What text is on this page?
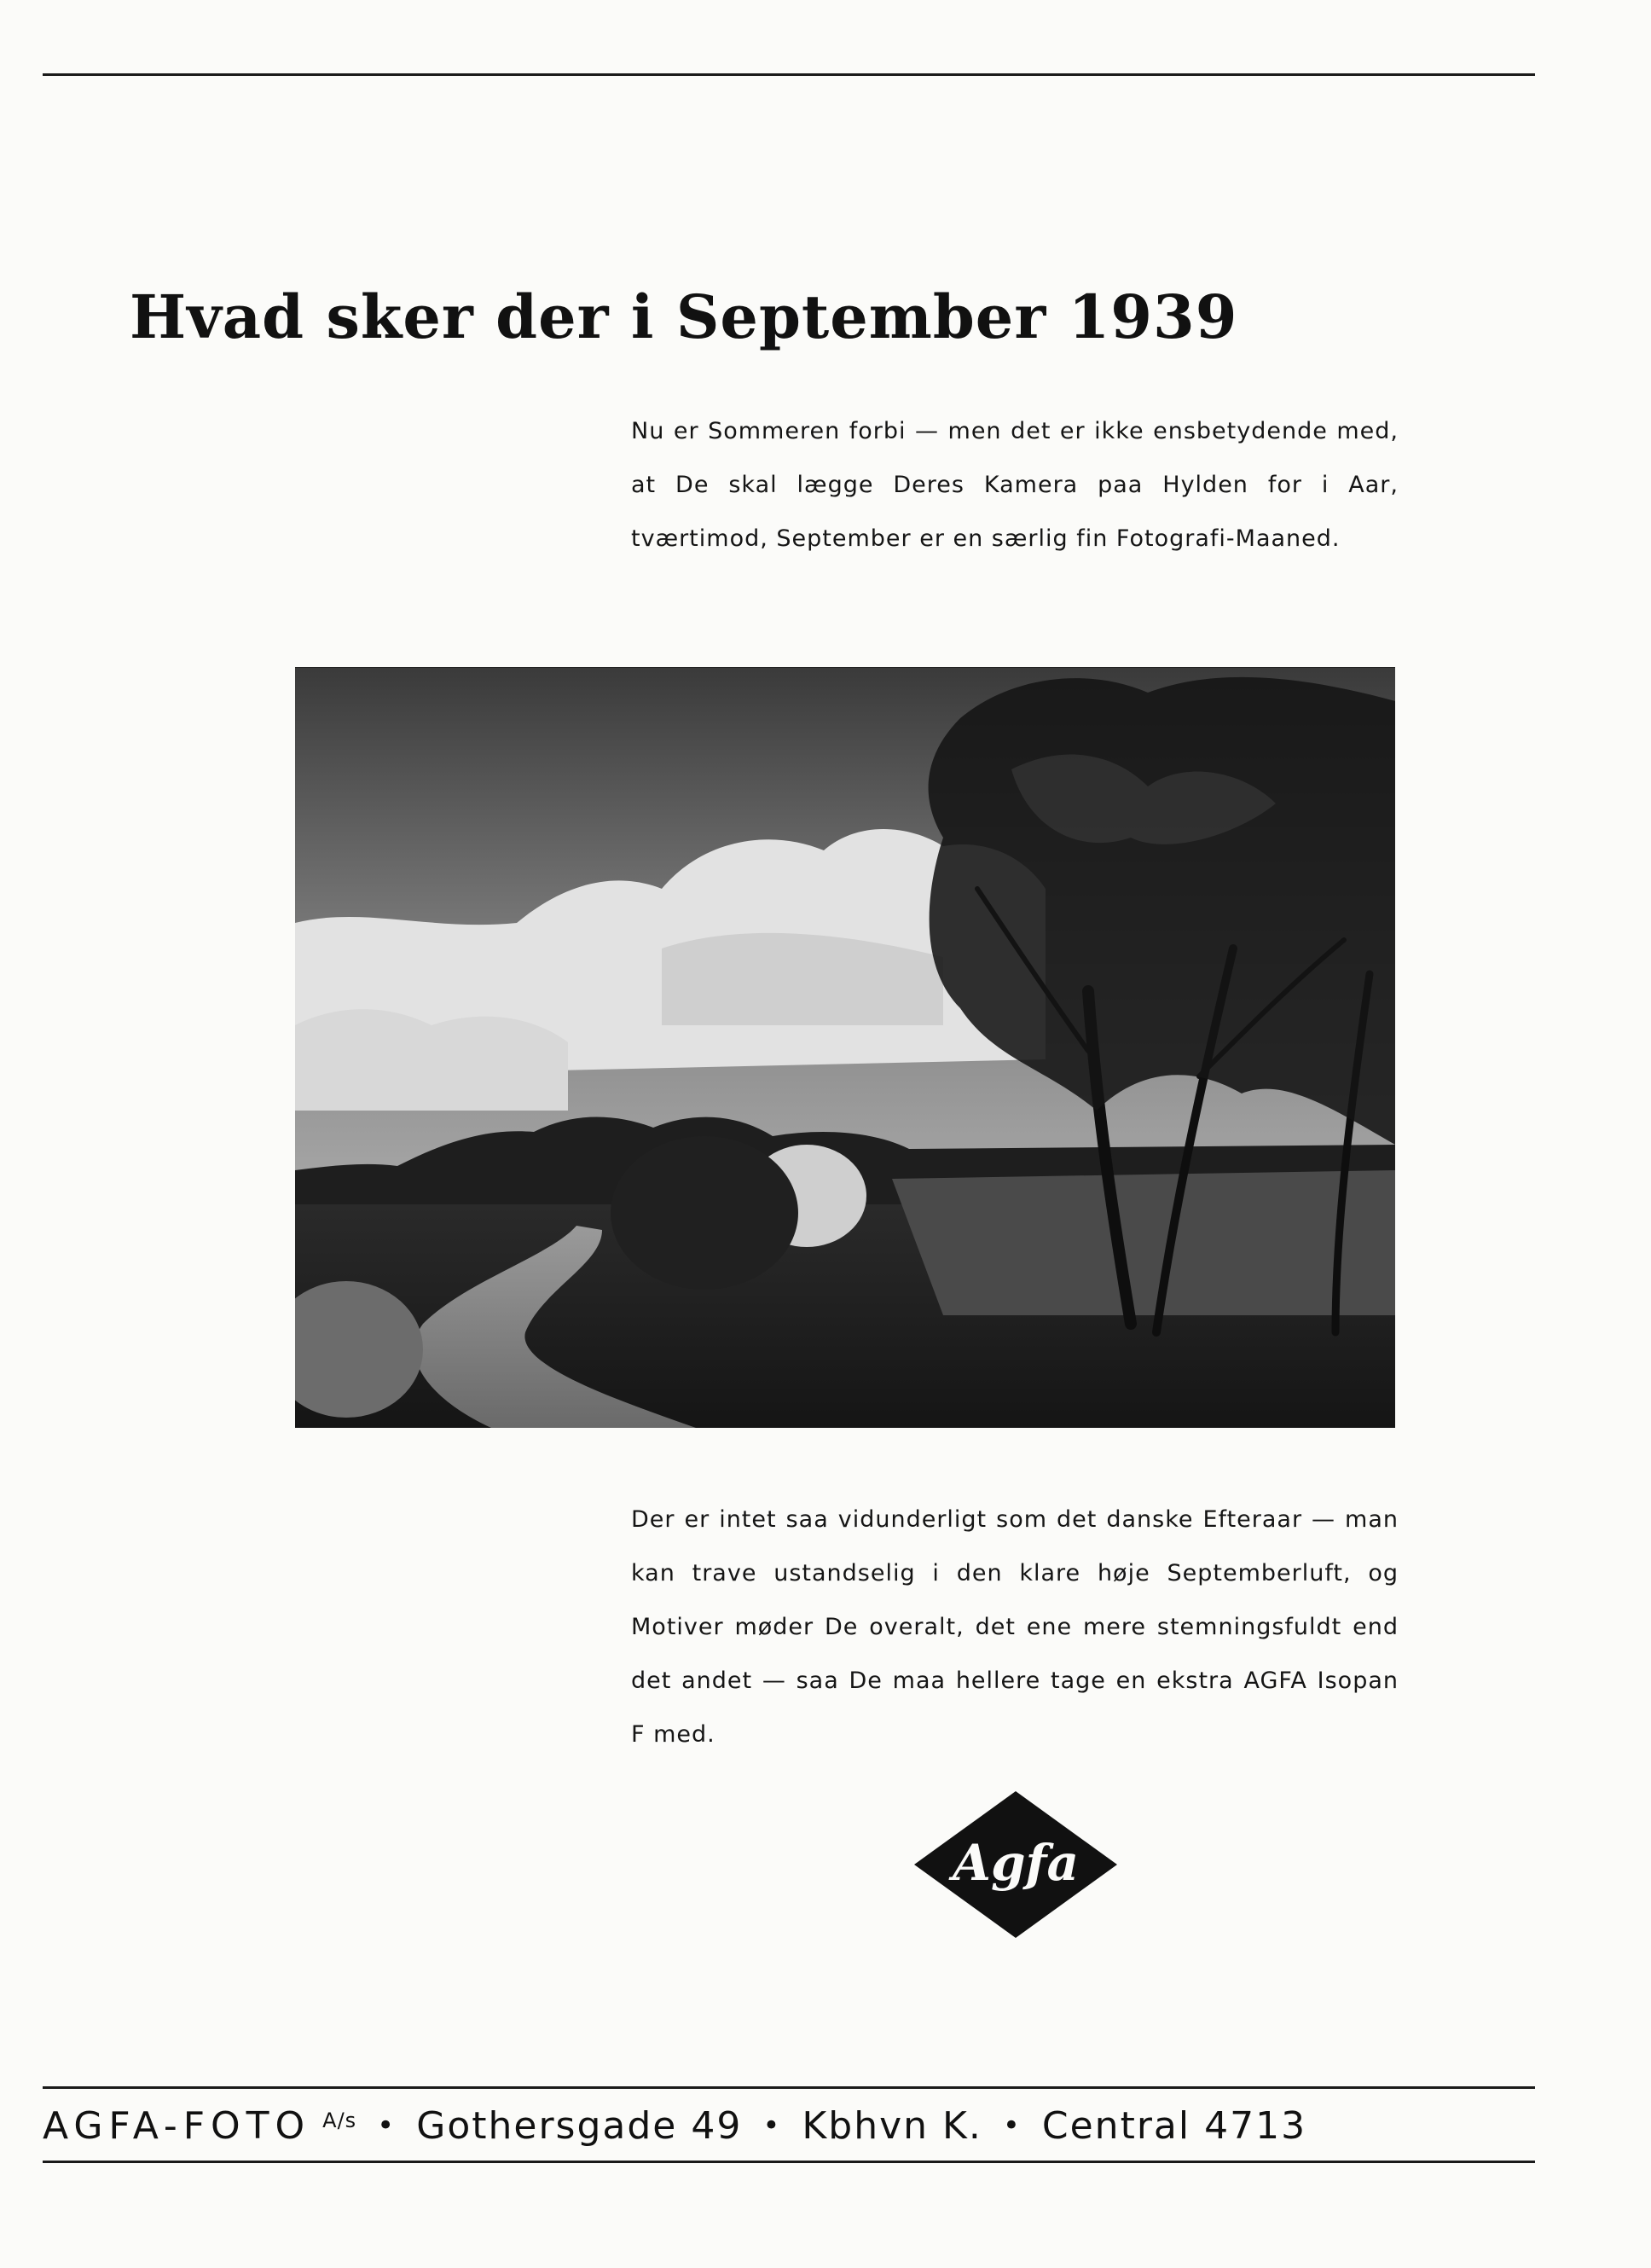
Hvad sker der i September 1939

Nu er Sommeren forbi — men det er ikke ensbetydende med, at De skal lægge Deres Kamera paa Hylden for i Aar, tværtimod, September er en særlig fin Fotografi-Maaned.

Der er intet saa vidunderligt som det danske Efteraar — man kan trave ustandselig i den klare høje Septemberluft, og Motiver møder De overalt, det ene mere stemningsfuldt end det andet — saa De maa hellere tage en ekstra AGFA Isopan F med.

Agfa
AGFA-FOTO A/s • Gothersgade 49 • Kbhvn K. • Central 4713
